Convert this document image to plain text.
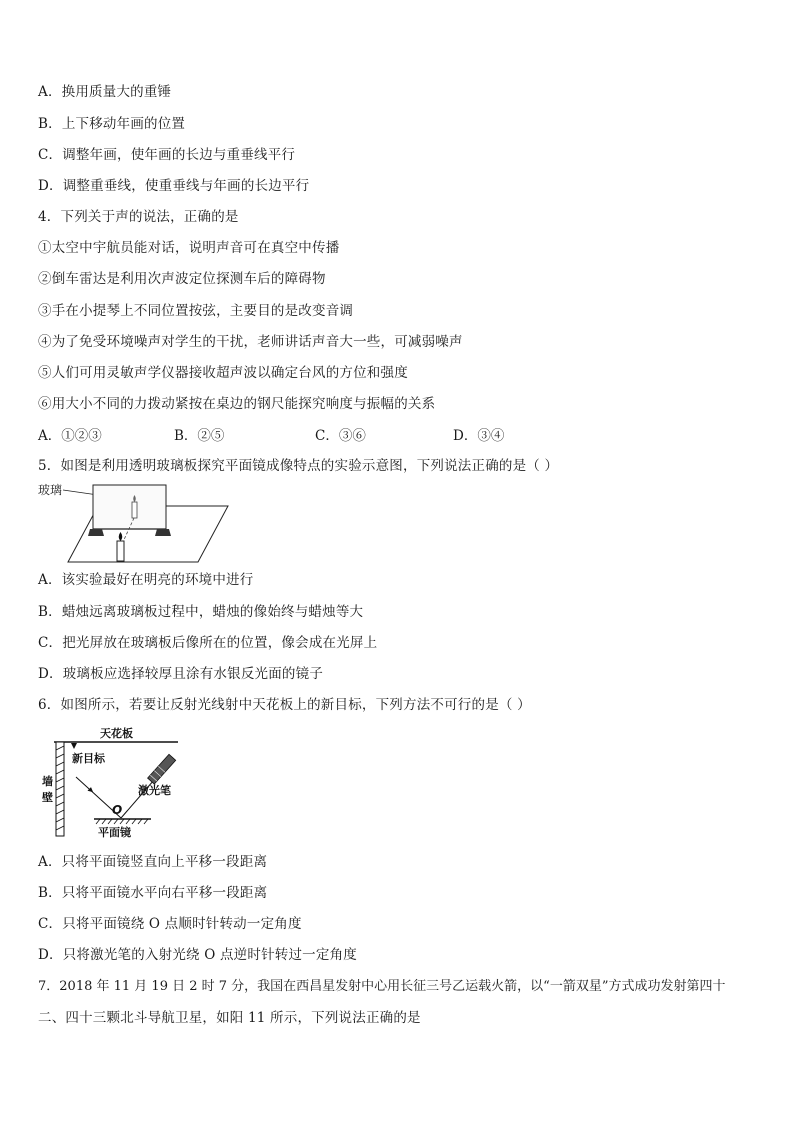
A．换用质量大的重锤
B．上下移动年画的位置
C．调整年画，使年画的长边与重垂线平行
D．调整重垂线，使重垂线与年画的长边平行
4．下列关于声的说法，正确的是
①太空中宇航员能对话，说明声音可在真空中传播
②倒车雷达是利用次声波定位探测车后的障碍物
③手在小提琴上不同位置按弦，主要目的是改变音调
④为了免受环境噪声对学生的干扰，老师讲话声音大一些，可减弱噪声
⑤人们可用灵敏声学仪器接收超声波以确定台风的方位和强度
⑥用大小不同的力拨动紧按在桌边的钢尺能探究响度与振幅的关系
A．①②③	B．②⑤	C．③⑥	D．③④
5．如图是利用透明玻璃板探究平面镜成像特点的实验示意图，下列说法正确的是（ ）
玻璃
A．该实验最好在明亮的环境中进行
B．蜡烛远离玻璃板过程中，蜡烛的像始终与蜡烛等大
C．把光屏放在玻璃板后像所在的位置，像会成在光屏上
D．玻璃板应选择较厚且涂有水银反光面的镜子
6．如图所示，若要让反射光线射中天花板上的新目标，下列方法不可行的是（ ）
天花板
墙
壁
新目标
激光笔
O
平面镜
A．只将平面镜竖直向上平移一段距离
B．只将平面镜水平向右平移一段距离
C．只将平面镜绕 O 点顺时针转动一定角度
D．只将激光笔的入射光绕 O 点逆时针转过一定角度
7．2018 年 11 月 19 日 2 时 7 分，我国在西昌星发射中心用长征三号乙运载火箭，以“一箭双星”方式成功发射第四十
二、四十三颗北斗导航卫星，如阳 11 所示，下列说法正确的是
